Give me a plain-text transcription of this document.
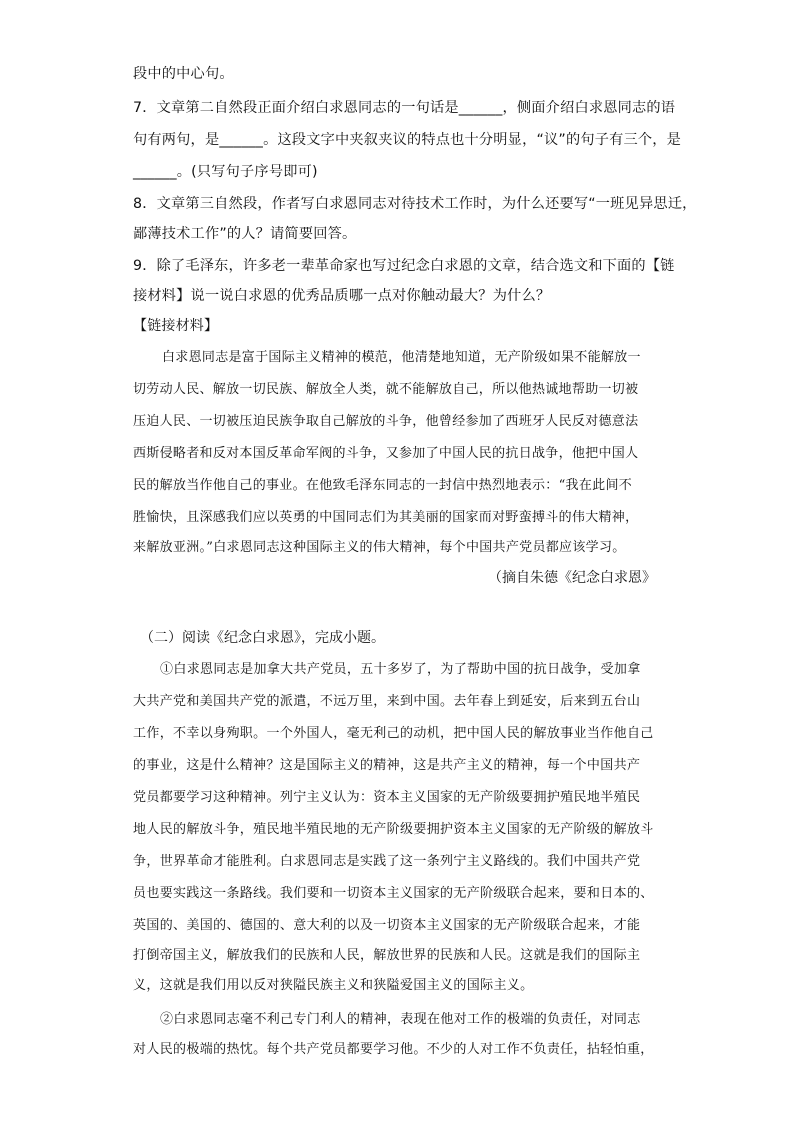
段中的中心句。
7．文章第二自然段正面介绍白求恩同志的一句话是______，侧面介绍白求恩同志的语
句有两句，是______。这段文字中夹叙夹议的特点也十分明显，“议”的句子有三个，是
______。(只写句子序号即可)
8．文章第三自然段，作者写白求恩同志对待技术工作时，为什么还要写“一班见异思迁，
鄙薄技术工作”的人？请简要回答。
9．除了毛泽东，许多老一辈革命家也写过纪念白求恩的文章，结合选文和下面的【链
接材料】说一说白求恩的优秀品质哪一点对你触动最大？为什么？
【链接材料】
白求恩同志是富于国际主义精神的模范，他清楚地知道，无产阶级如果不能解放一
切劳动人民、解放一切民族、解放全人类，就不能解放自己，所以他热诚地帮助一切被
压迫人民、一切被压迫民族争取自己解放的斗争，他曾经参加了西班牙人民反对德意法
西斯侵略者和反对本国反革命军阀的斗争，又参加了中国人民的抗日战争，他把中国人
民的解放当作他自己的事业。在他致毛泽东同志的一封信中热烈地表示：“我在此间不
胜愉快，且深感我们应以英勇的中国同志们为其美丽的国家而对野蛮搏斗的伟大精神，
来解放亚洲。”白求恩同志这种国际主义的伟大精神，每个中国共产党员都应该学习。
（摘自朱德《纪念白求恩》
（二）阅读《纪念白求恩》，完成小题。
①白求恩同志是加拿大共产党员，五十多岁了，为了帮助中国的抗日战争，受加拿
大共产党和美国共产党的派遣，不远万里，来到中国。去年春上到延安，后来到五台山
工作，不幸以身殉职。一个外国人，毫无利己的动机，把中国人民的解放事业当作他自己
的事业，这是什么精神？这是国际主义的精神，这是共产主义的精神，每一个中国共产
党员都要学习这种精神。列宁主义认为：资本主义国家的无产阶级要拥护殖民地半殖民
地人民的解放斗争，殖民地半殖民地的无产阶级要拥护资本主义国家的无产阶级的解放斗
争，世界革命才能胜利。白求恩同志是实践了这一条列宁主义路线的。我们中国共产党
员也要实践这一条路线。我们要和一切资本主义国家的无产阶级联合起来，要和日本的、
英国的、美国的、德国的、意大利的以及一切资本主义国家的无产阶级联合起来，才能
打倒帝国主义，解放我们的民族和人民，解放世界的民族和人民。这就是我们的国际主
义，这就是我们用以反对狭隘民族主义和狭隘爱国主义的国际主义。
②白求恩同志毫不利己专门利人的精神，表现在他对工作的极端的负责任，对同志
对人民的极端的热忱。每个共产党员都要学习他。不少的人对工作不负责任，拈轻怕重，
